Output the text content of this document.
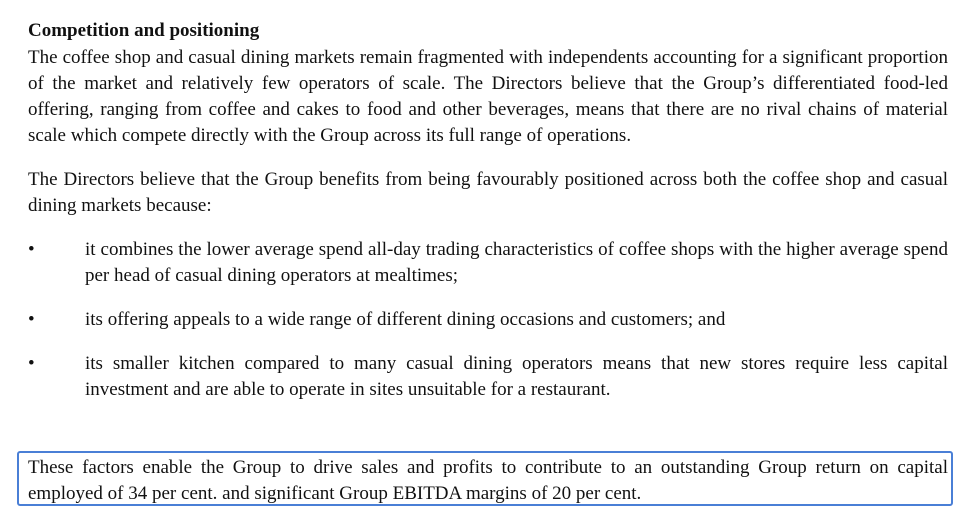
Competition and positioning

The coffee shop and casual dining markets remain fragmented with independents accounting for a significant proportion of the market and relatively few operators of scale. The Directors believe that the Group’s differentiated food-led offering, ranging from coffee and cakes to food and other beverages, means that there are no rival chains of material scale which compete directly with the Group across its full range of operations.

The Directors believe that the Group benefits from being favourably positioned across both the coffee shop and casual dining markets because:

•	it combines the lower average spend all-day trading characteristics of coffee shops with the higher average spend per head of casual dining operators at mealtimes;
•	its offering appeals to a wide range of different dining occasions and customers; and
•	its smaller kitchen compared to many casual dining operators means that new stores require less capital investment and are able to operate in sites unsuitable for a restaurant.

These factors enable the Group to drive sales and profits to contribute to an outstanding Group return on capital employed of 34 per cent. and significant Group EBITDA margins of 20 per cent.
